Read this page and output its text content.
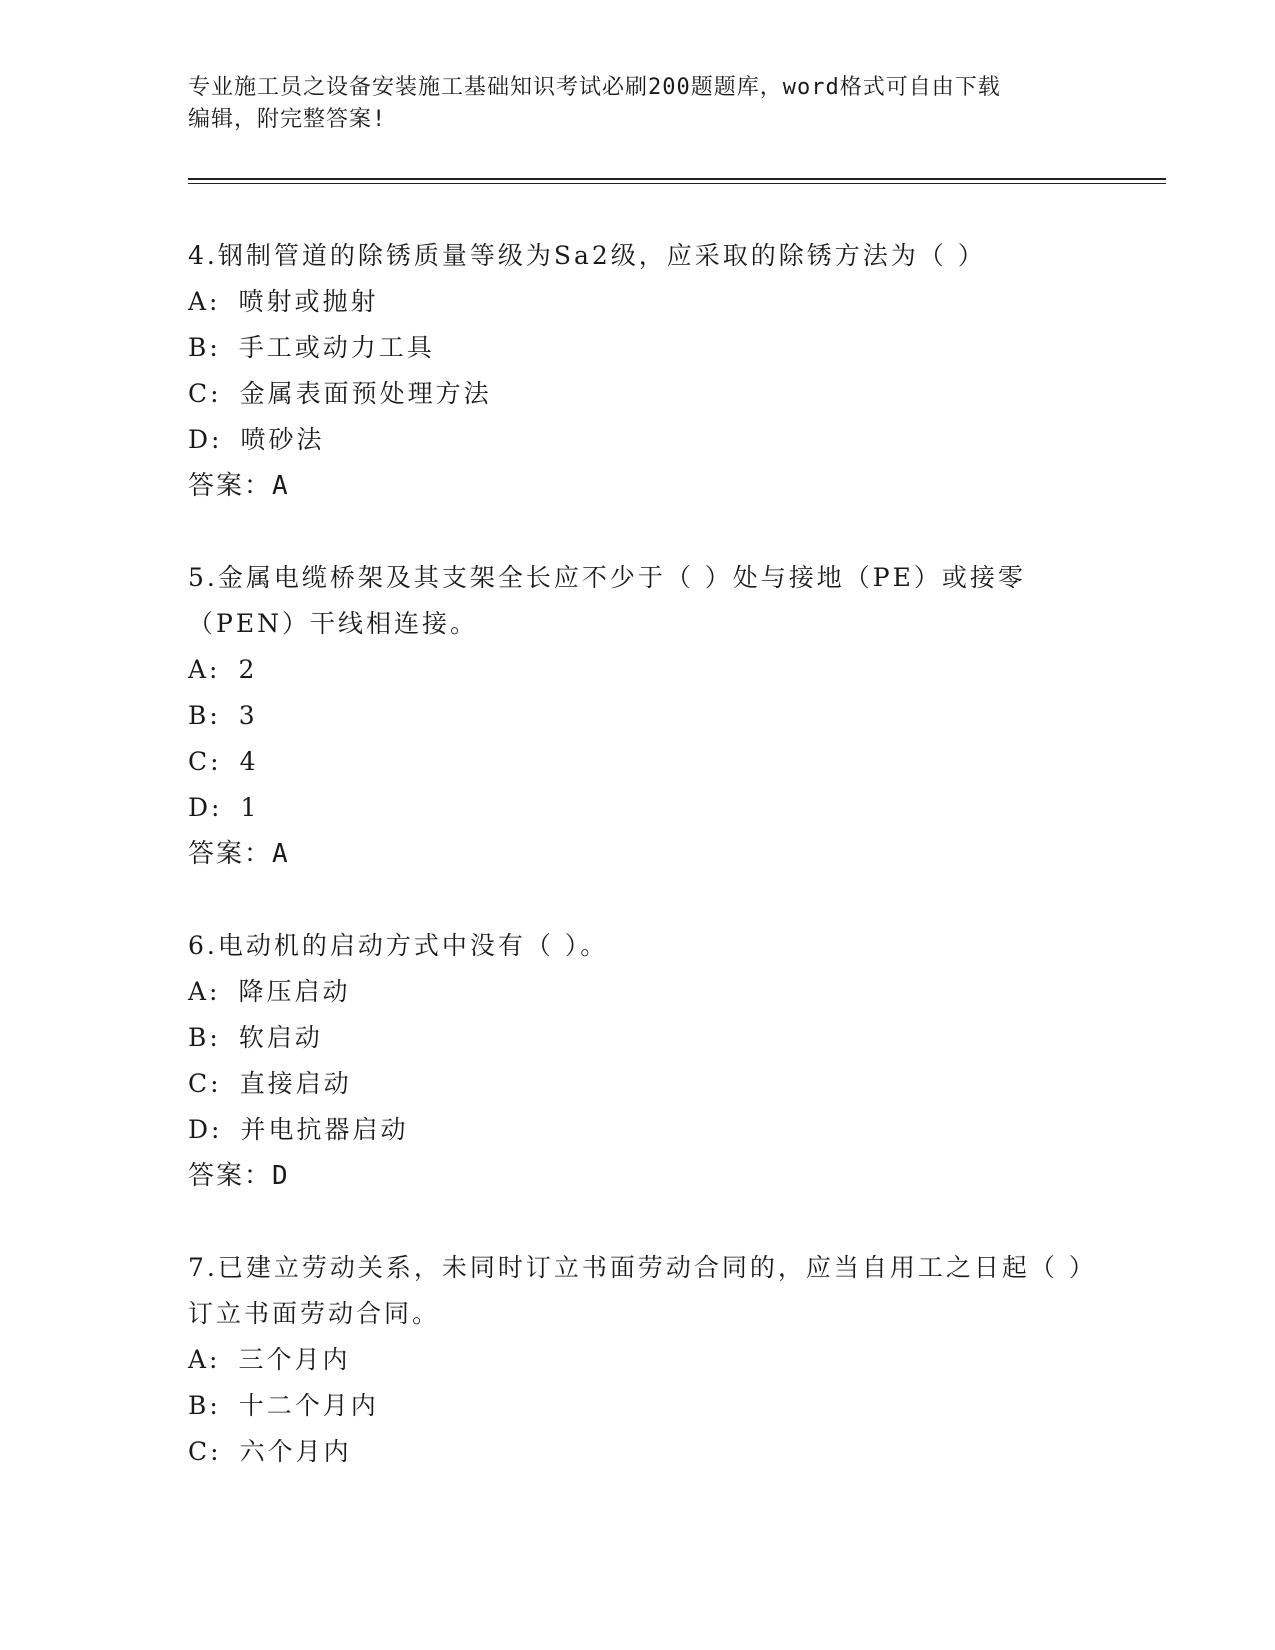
专业施工员之设备安装施工基础知识考试必刷200题题库，word格式可自由下载
编辑，附完整答案!

4.钢制管道的除锈质量等级为Sa2级，应采取的除锈方法为（ ）

A: 喷射或抛射
B: 手工或动力工具
C: 金属表面预处理方法
D: 喷砂法

答案：A

5.金属电缆桥架及其支架全长应不少于（ ）处与接地（PE）或接零（PEN）干线相连接。

A: 2
B: 3
C: 4
D: 1

答案：A

6.电动机的启动方式中没有（ ）。

A: 降压启动
B: 软启动
C: 直接启动
D: 并电抗器启动

答案：D

7.已建立劳动关系，未同时订立书面劳动合同的，应当自用工之日起（ ）订立书面劳动合同。

A: 三个月内
B: 十二个月内
C: 六个月内
